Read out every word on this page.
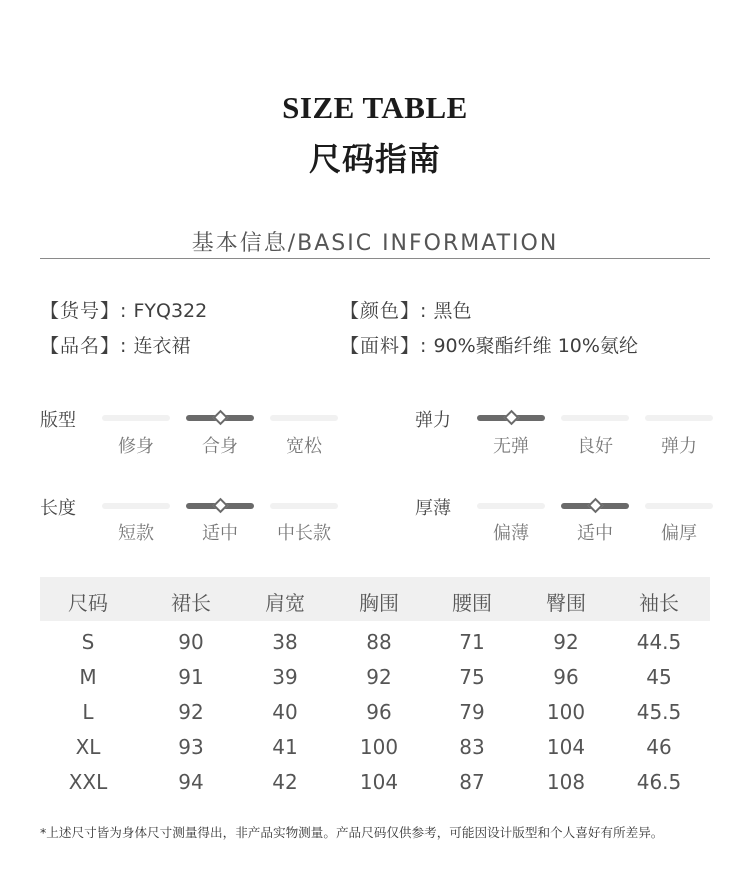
SIZE TABLE
尺码指南
基本信息/BASIC INFORMATION
【货号】: FYQ322
【品名】: 连衣裙
【颜色】: 黑色
【面料】: 90%聚酯纤维 10%氨纶
版型
修身	合身	宽松
弹力
无弹	良好	弹力
长度
短款	适中	中长款
厚薄
偏薄	适中	偏厚
尺码	裙长	肩宽	胸围	腰围	臀围	袖长
S	90	38	88	71	92	44.5
M	91	39	92	75	96	45
L	92	40	96	79	100	45.5
XL	93	41	100	83	104	46
XXL	94	42	104	87	108	46.5
*上述尺寸皆为身体尺寸测量得出，非产品实物测量。产品尺码仅供参考，可能因设计版型和个人喜好有所差异。
